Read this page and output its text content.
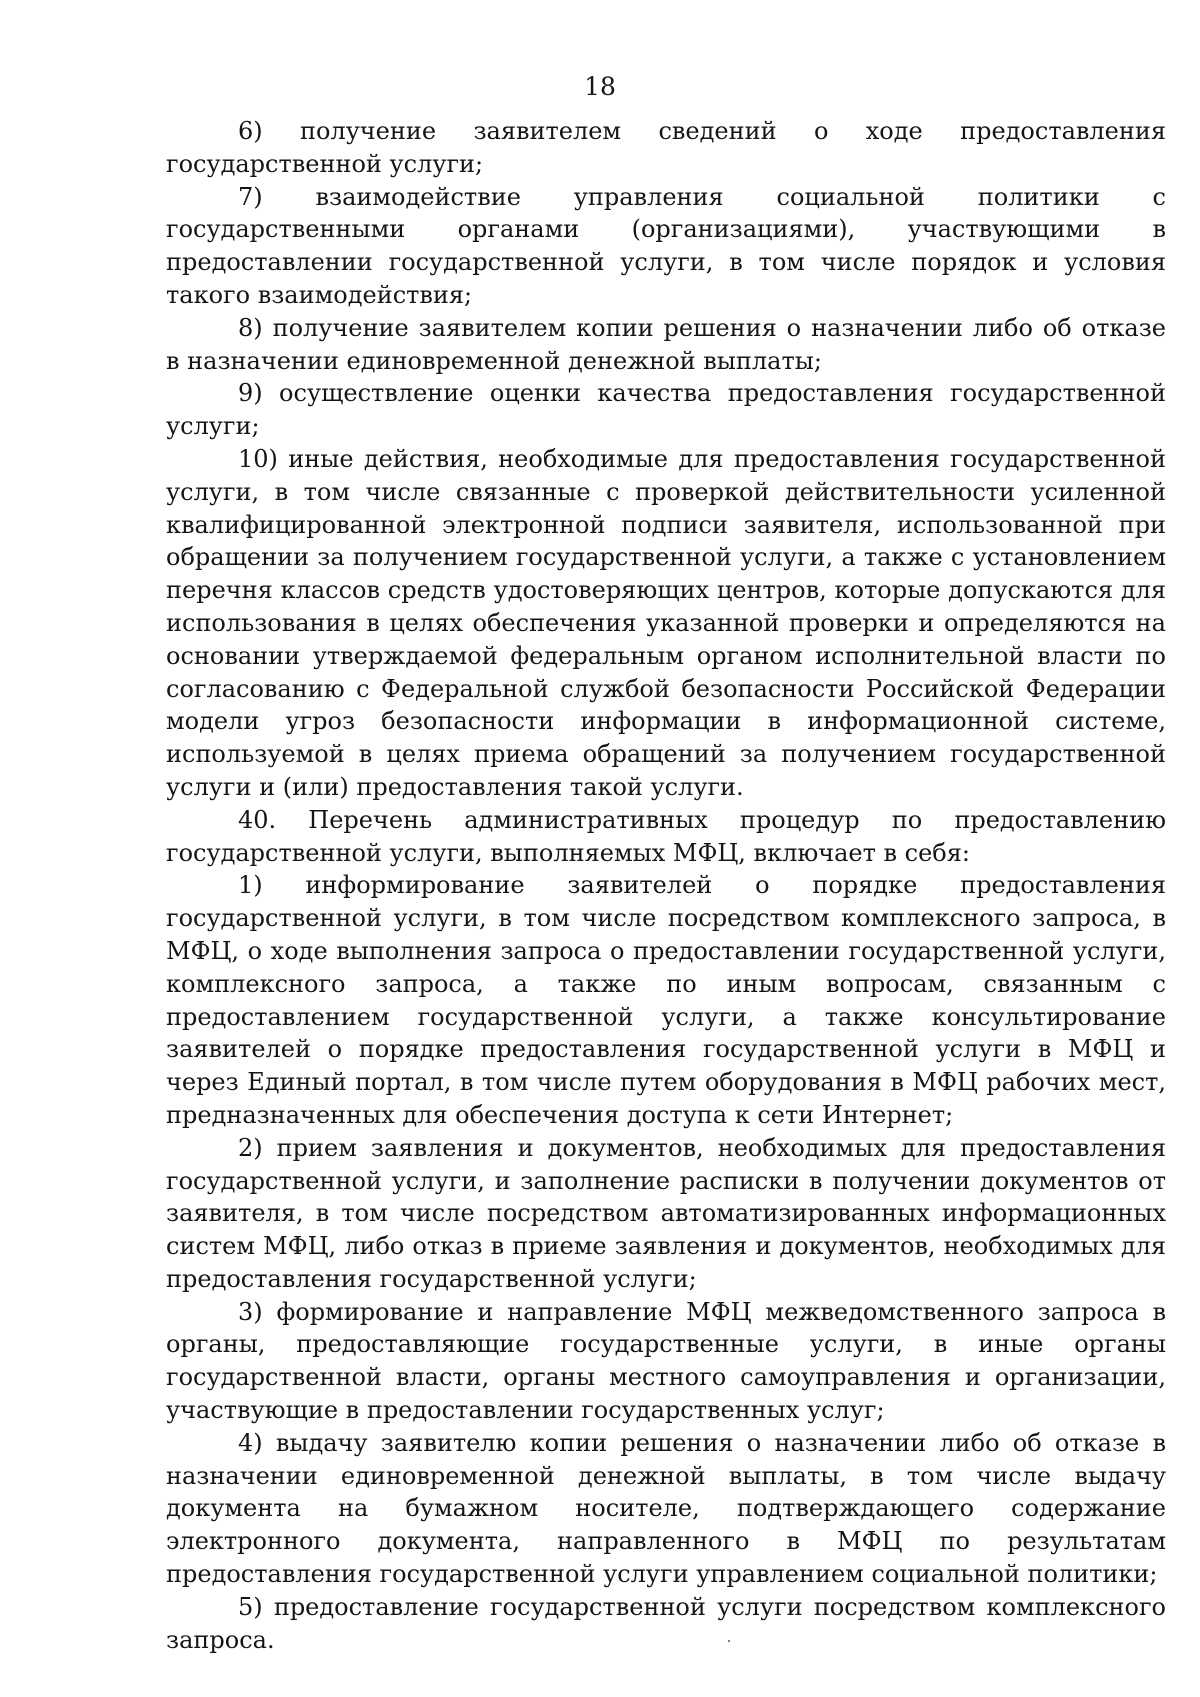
18

6) получение заявителем сведений о ходе предоставления государственной услуги;

7) взаимодействие управления социальной политики с государственными органами (организациями), участвующими в предоставлении государственной услуги, в том числе порядок и условия такого взаимодействия;

8) получение заявителем копии решения о назначении либо об отказе в назначении единовременной денежной выплаты;

9) осуществление оценки качества предоставления государственной услуги;

10) иные действия, необходимые для предоставления государственной услуги, в том числе связанные с проверкой действительности усиленной квалифицированной электронной подписи заявителя, использованной при обращении за получением государственной услуги, а также с установлением перечня классов средств удостоверяющих центров, которые допускаются для использования в целях обеспечения указанной проверки и определяются на основании утверждаемой федеральным органом исполнительной власти по согласованию с Федеральной службой безопасности Российской Федерации модели угроз безопасности информации в информационной системе, используемой в целях приема обращений за получением государственной услуги и (или) предоставления такой услуги.

40. Перечень административных процедур по предоставлению государственной услуги, выполняемых МФЦ, включает в себя:

1) информирование заявителей о порядке предоставления государственной услуги, в том числе посредством комплексного запроса, в МФЦ, о ходе выполнения запроса о предоставлении государственной услуги, комплексного запроса, а также по иным вопросам, связанным с предоставлением государственной услуги, а также консультирование заявителей о порядке предоставления государственной услуги в МФЦ и через Единый портал, в том числе путем оборудования в МФЦ рабочих мест, предназначенных для обеспечения доступа к сети Интернет;

2) прием заявления и документов, необходимых для предоставления государственной услуги, и заполнение расписки в получении документов от заявителя, в том числе посредством автоматизированных информационных систем МФЦ, либо отказ в приеме заявления и документов, необходимых для предоставления государственной услуги;

3) формирование и направление МФЦ межведомственного запроса в органы, предоставляющие государственные услуги, в иные органы государственной власти, органы местного самоуправления и организации, участвующие в предоставлении государственных услуг;

4) выдачу заявителю копии решения о назначении либо об отказе в назначении единовременной денежной выплаты, в том числе выдачу документа на бумажном носителе, подтверждающего содержание электронного документа, направленного в МФЦ по результатам предоставления государственной услуги управлением социальной политики;

5) предоставление государственной услуги посредством комплексного запроса.
